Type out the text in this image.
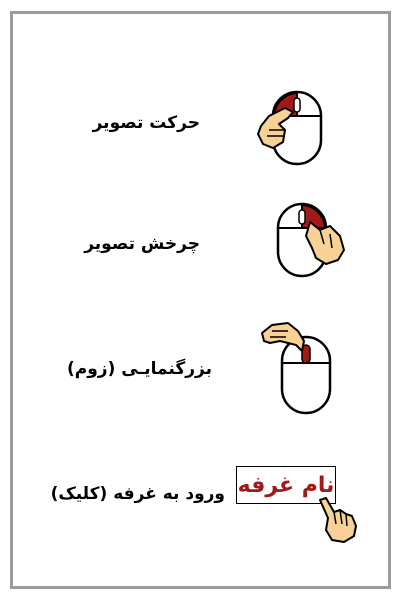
حرکت تصویر
چرخش تصویر
بزرگنمایـی (زوم)
ورود به غرفه (کلیک) نام غرفه
